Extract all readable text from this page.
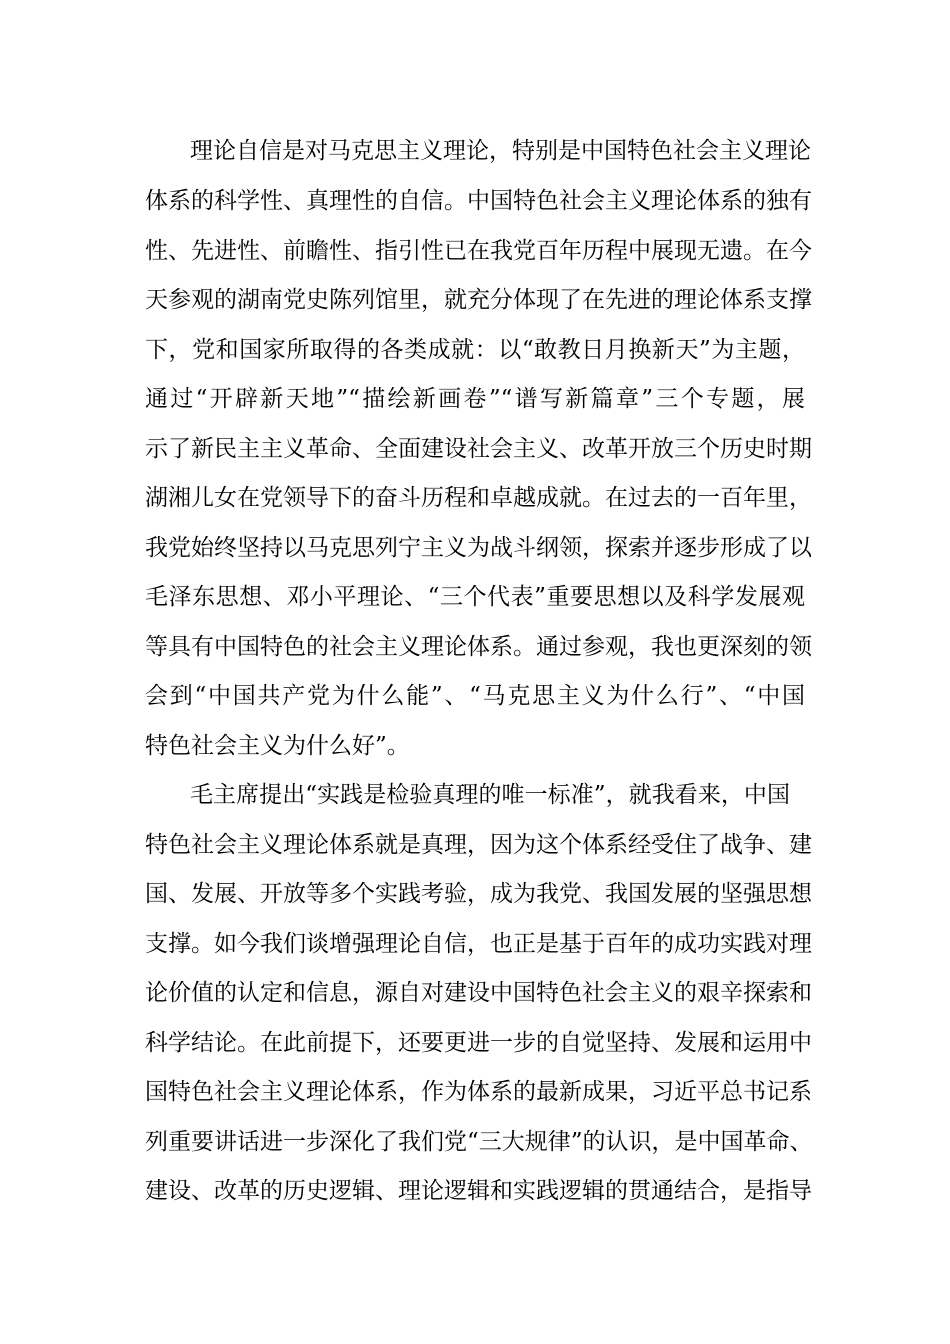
理论自信是对马克思主义理论，特别是中国特色社会主义理论
体系的科学性、真理性的自信。中国特色社会主义理论体系的独有
性、先进性、前瞻性、指引性已在我党百年历程中展现无遗。在今
天参观的湖南党史陈列馆里，就充分体现了在先进的理论体系支撑
下，党和国家所取得的各类成就：以“敢教日月换新天”为主题，
通过“开辟新天地”“描绘新画卷”“谱写新篇章”三个专题，展
示了新民主主义革命、全面建设社会主义、改革开放三个历史时期
湖湘儿女在党领导下的奋斗历程和卓越成就。在过去的一百年里，
我党始终坚持以马克思列宁主义为战斗纲领，探索并逐步形成了以
毛泽东思想、邓小平理论、“三个代表”重要思想以及科学发展观
等具有中国特色的社会主义理论体系。通过参观，我也更深刻的领
会到“中国共产党为什么能”、“马克思主义为什么行”、“中国
特色社会主义为什么好”。
毛主席提出“实践是检验真理的唯一标准”，就我看来，中国
特色社会主义理论体系就是真理，因为这个体系经受住了战争、建
国、发展、开放等多个实践考验，成为我党、我国发展的坚强思想
支撑。如今我们谈增强理论自信，也正是基于百年的成功实践对理
论价值的认定和信息，源自对建设中国特色社会主义的艰辛探索和
科学结论。在此前提下，还要更进一步的自觉坚持、发展和运用中
国特色社会主义理论体系，作为体系的最新成果，习近平总书记系
列重要讲话进一步深化了我们党“三大规律”的认识，是中国革命、
建设、改革的历史逻辑、理论逻辑和实践逻辑的贯通结合，是指导
